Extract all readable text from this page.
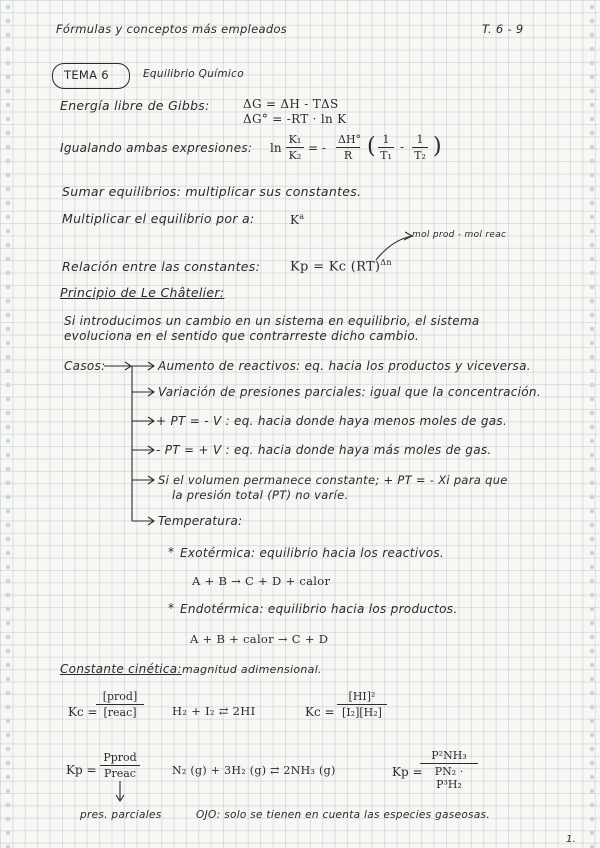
Fórmulas y conceptos más empleados	T. 6 - 9
TEMA 6	Equilibrio Químico
Energía libre de Gibbs:	ΔG = ΔH - TΔS
ΔG° = -RT · ln K
Igualando ambas expresiones: $\ln \frac{\text{K₁}}{\text{K₂}}$ = - $\frac{\Delta H^\circ}{R}$ ( $\frac{1}{\text{T₁}} - \frac{1}{\text{T₂}}$ )
Sumar equilibrios: multiplicar sus constantes.
Multiplicar el equilibrio por a:	$K^a$
mol prod - mol reac
Relación entre las constantes: Kp = Kc (RT)$^{\Delta n}$
Principio de Le Châtelier:
Si introducimos un cambio en un sistema en equilibrio, el sistema
evoluciona en el sentido que contrarreste dicho cambio.
Casos:	Aumento de reactivos: eq. hacia los productos y viceversa.
Variación de presiones parciales: igual que la concentración.
+ PT = - V : eq. hacia donde haya menos moles de gas.
- PT = + V : eq. hacia donde haya más moles de gas.
Si el volumen permanece constante; + PT = - Xi para que
la presión total (PT) no varíe.
Temperatura:
* Exotérmica: equilibrio hacia los reactivos.
A + B → C + D + calor
* Endotérmica: equilibrio hacia los productos.
A + B + calor → C + D
Constante cinética: magnitud adimensional.
Kc =
[prod]
[reac]	H₂ + I₂ ⇄ 2HI	$Kc = \frac{\text{[HI]²}}{\text{[I₂][H₂]}}$
Kp =
Pprod
Preac	N₂ (g) + 3H₂ (g) ⇄ 2NH₃ (g)	Kp =
$\frac{\text{P²NH₃}}{\text{PN₂ · P³H₂}}$
pres. parciales	OJO: solo se tienen en cuenta las especies gaseosas.
1.
